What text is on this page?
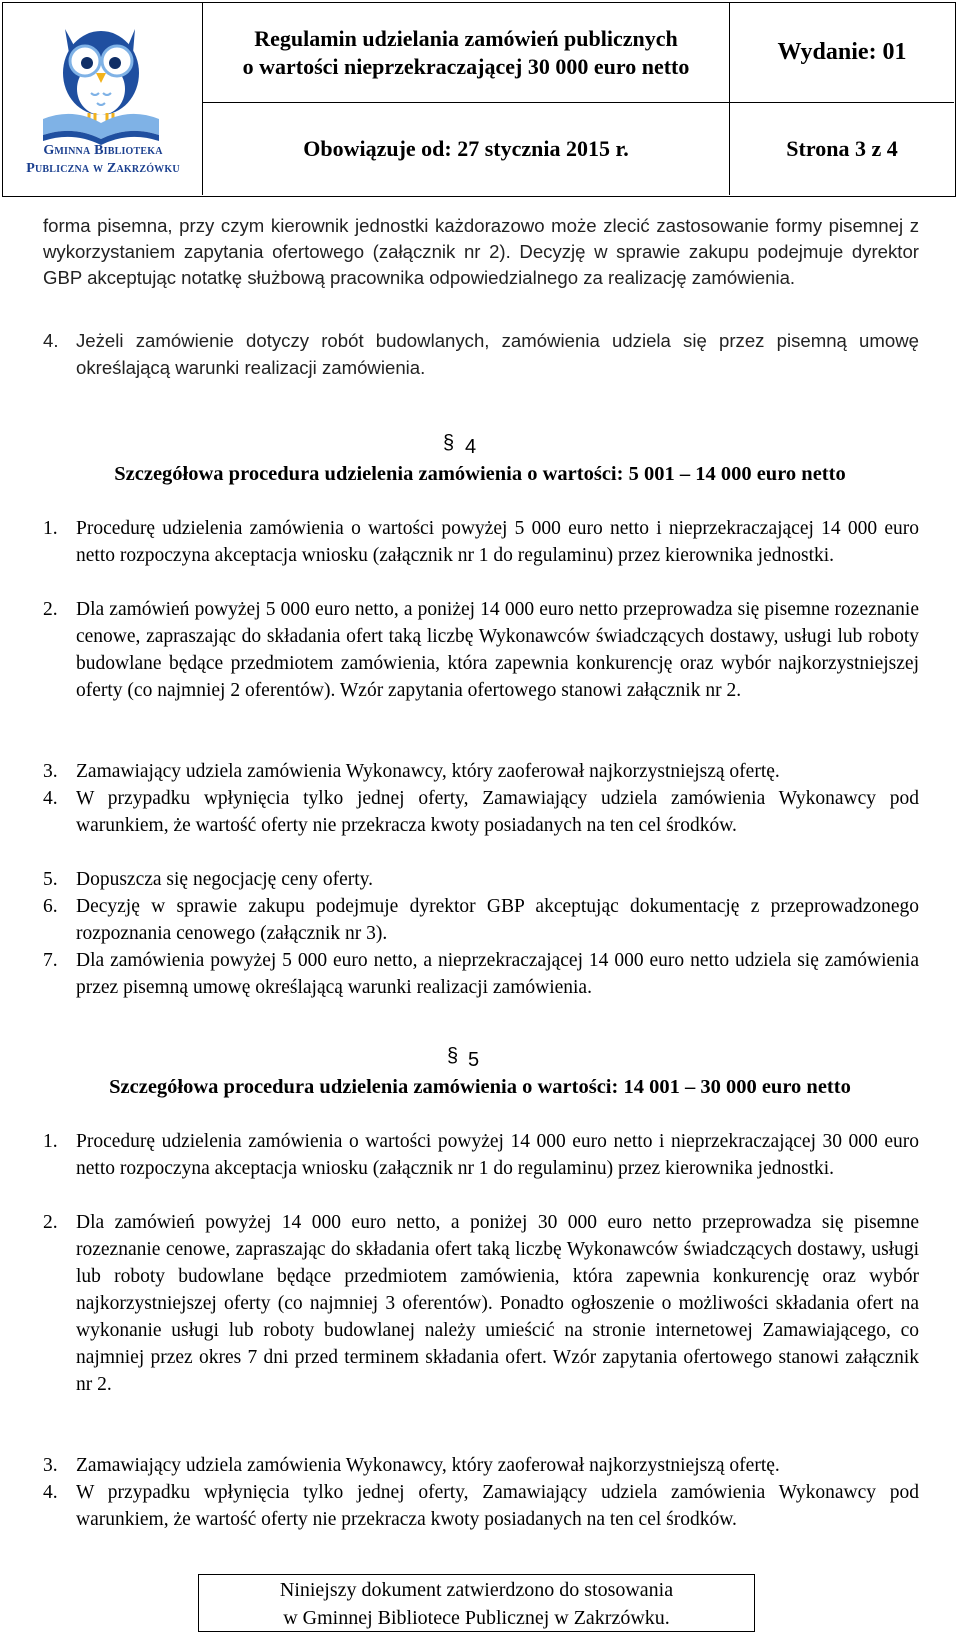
Gminna Biblioteka
Publiczna w Zakrzówku
Regulamin udzielania zamówień publicznych
o wartości nieprzekraczającej 30 000 euro netto
Wydanie: 01
Obowiązuje od: 27 stycznia 2015 r.	Strona 3 z 4
forma pisemna, przy czym kierownik jednostki każdorazowo może zlecić zastosowanie formy pisemnej z wykorzystaniem zapytania ofertowego (załącznik nr 2). Decyzję w sprawie zakupu podejmuje dyrektor GBP akceptując notatkę służbową pracownika odpowiedzialnego za realizację zamówienia.
4. Jeżeli zamówienie dotyczy robót budowlanych, zamówienia udziela się przez pisemną umowę określającą warunki realizacji zamówienia.
§ 4
Szczegółowa procedura udzielenia zamówienia o wartości: 5 001 – 14 000 euro netto
1. Procedurę udzielenia zamówienia o wartości powyżej 5 000 euro netto i nieprzekraczającej 14 000 euro netto rozpoczyna akceptacja wniosku (załącznik nr 1 do regulaminu) przez kierownika jednostki.
2. Dla zamówień powyżej 5 000 euro netto, a poniżej 14 000 euro netto przeprowadza się pisemne rozeznanie cenowe, zapraszając do składania ofert taką liczbę Wykonawców świadczących dostawy, usługi lub roboty budowlane będące przedmiotem zamówienia, która zapewnia konkurencję oraz wybór najkorzystniejszej oferty (co najmniej 2 oferentów). Wzór zapytania ofertowego stanowi załącznik nr 2.
3. Zamawiający udziela zamówienia Wykonawcy, który zaoferował najkorzystniejszą ofertę.
4. W przypadku wpłynięcia tylko jednej oferty, Zamawiający udziela zamówienia Wykonawcy pod warunkiem, że wartość oferty nie przekracza kwoty posiadanych na ten cel środków.
5. Dopuszcza się negocjację ceny oferty.
6. Decyzję w sprawie zakupu podejmuje dyrektor GBP akceptując dokumentację z przeprowadzonego rozpoznania cenowego (załącznik nr 3).
7. Dla zamówienia powyżej 5 000 euro netto, a nieprzekraczającej 14 000 euro netto udziela się zamówienia przez pisemną umowę określającą warunki realizacji zamówienia.
§ 5
Szczegółowa procedura udzielenia zamówienia o wartości: 14 001 – 30 000 euro netto
1. Procedurę udzielenia zamówienia o wartości powyżej 14 000 euro netto i nieprzekraczającej 30 000 euro netto rozpoczyna akceptacja wniosku (załącznik nr 1 do regulaminu) przez kierownika jednostki.
2. Dla zamówień powyżej 14 000 euro netto, a poniżej 30 000 euro netto przeprowadza się pisemne rozeznanie cenowe, zapraszając do składania ofert taką liczbę Wykonawców świadczących dostawy, usługi lub roboty budowlane będące przedmiotem zamówienia, która zapewnia konkurencję oraz wybór najkorzystniejszej oferty (co najmniej 3 oferentów). Ponadto ogłoszenie o możliwości składania ofert na wykonanie usługi lub roboty budowlanej należy umieścić na stronie internetowej Zamawiającego, co najmniej przez okres 7 dni przed terminem składania ofert. Wzór zapytania ofertowego stanowi załącznik nr 2.
3. Zamawiający udziela zamówienia Wykonawcy, który zaoferował najkorzystniejszą ofertę.
4. W przypadku wpłynięcia tylko jednej oferty, Zamawiający udziela zamówienia Wykonawcy pod warunkiem, że wartość oferty nie przekracza kwoty posiadanych na ten cel środków.
Niniejszy dokument zatwierdzono do stosowania
w Gminnej Bibliotece Publicznej w Zakrzówku.
